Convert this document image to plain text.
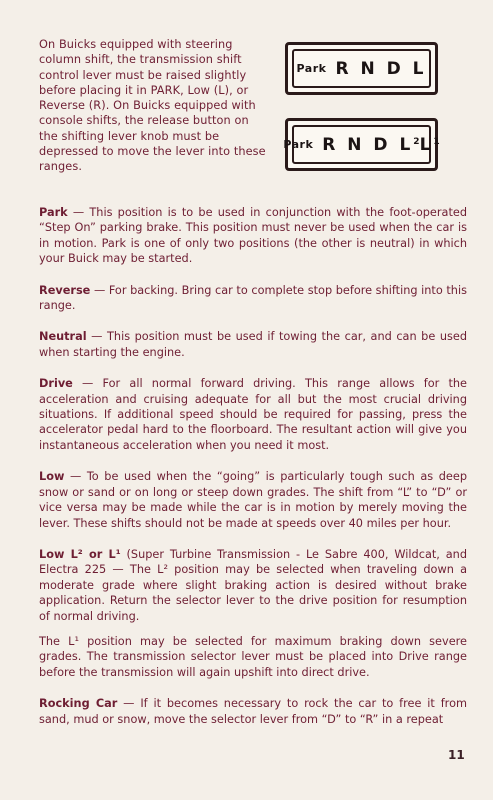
On Buicks equipped with steering column shift, the transmission shift control lever must be raised slightly before placing it in PARK, Low (L), or Reverse (R). On Buicks equipped with console shifts, the release button on the shifting lever knob must be depressed to move the lever into these ranges.
Park R N D L
Park R N D $L^2L^1$

Park — This position is to be used in conjunction with the foot-operated “Step On” parking brake. This position must never be used when the car is in motion. Park is one of only two positions (the other is neutral) in which your Buick may be started.

Reverse — For backing. Bring car to complete stop before shifting into this range.

Neutral — This position must be used if towing the car, and can be used when starting the engine.

Drive — For all normal forward driving. This range allows for the acceleration and cruising adequate for all but the most crucial driving situations. If additional speed should be required for passing, press the accelerator pedal hard to the floorboard. The resultant action will give you instantaneous acceleration when you need it most.

Low — To be used when the “going” is particularly tough such as deep snow or sand or on long or steep down grades. The shift from “L” to “D” or vice versa may be made while the car is in motion by merely moving the lever. These shifts should not be made at speeds over 40 miles per hour.

Low L² or L¹ (Super Turbine Transmission - Le Sabre 400, Wildcat, and Electra 225 — The L² position may be selected when traveling down a moderate grade where slight braking action is desired without brake application. Return the selector lever to the drive position for resumption of normal driving.

The L¹ position may be selected for maximum braking down severe grades. The transmission selector lever must be placed into Drive range before the transmission will again upshift into direct drive.

Rocking Car — If it becomes necessary to rock the car to free it from sand, mud or snow, move the selector lever from “D” to “R” in a repeat

11
